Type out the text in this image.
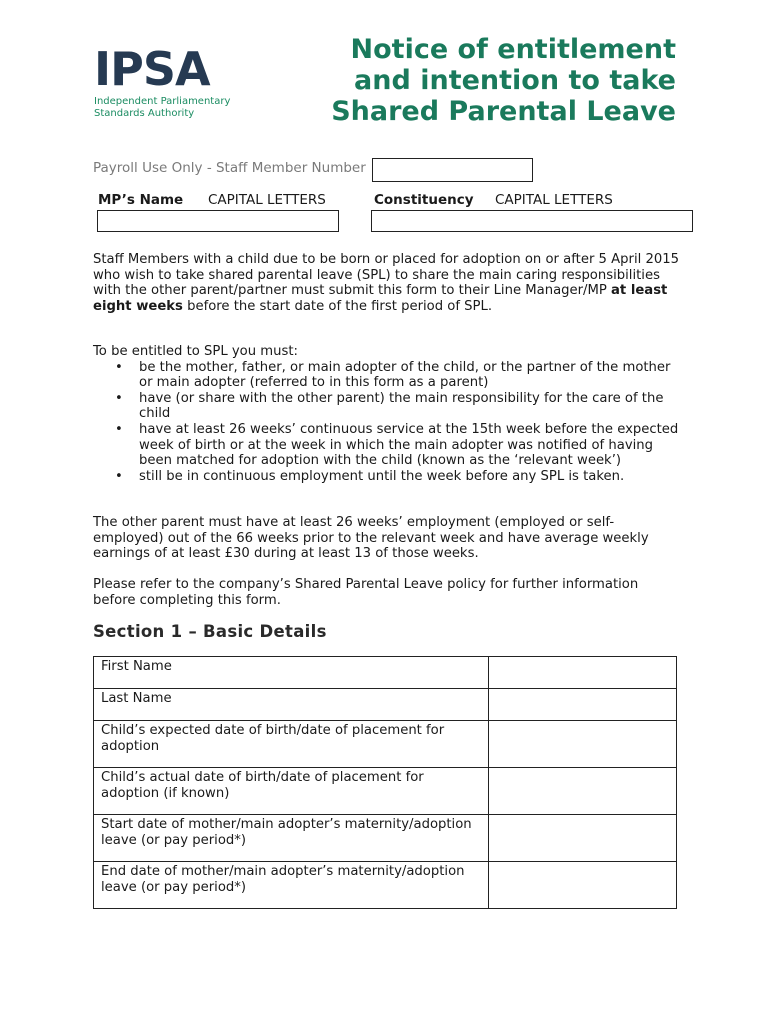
IPSA
Independent Parliamentary
Standards Authority
Notice of entitlement
and intention to take
Shared Parental Leave
Payroll Use Only - Staff Member Number
MP’s Name CAPITAL LETTERS	Constituency CAPITAL LETTERS

Staff Members with a child due to be born or placed for adoption on or after 5 April 2015 who wish to take shared parental leave (SPL) to share the main caring responsibilities with the other parent/partner must submit this form to their Line Manager/MP at least eight weeks before the start date of the first period of SPL.

To be entitled to SPL you must:

• be the mother, father, or main adopter of the child, or the partner of the mother or main adopter (referred to in this form as a parent)
• have (or share with the other parent) the main responsibility for the care of the child
• have at least 26 weeks’ continuous service at the 15th week before the expected week of birth or at the week in which the main adopter was notified of having been matched for adoption with the child (known as the ‘relevant week’)
• still be in continuous employment until the week before any SPL is taken.
The other parent must have at least 26 weeks’ employment (employed or self-employed) out of the 66 weeks prior to the relevant week and have average weekly earnings of at least £30 during at least 13 of those weeks.
Please refer to the company’s Shared Parental Leave policy for further information before completing this form.
Section 1 – Basic Details
First Name	
Last Name	
Child’s expected date of birth/date of placement for adoption	
Child’s actual date of birth/date of placement for adoption (if known)	
Start date of mother/main adopter’s maternity/adoption leave (or pay period*)	
End date of mother/main adopter’s maternity/adoption leave (or pay period*)	
